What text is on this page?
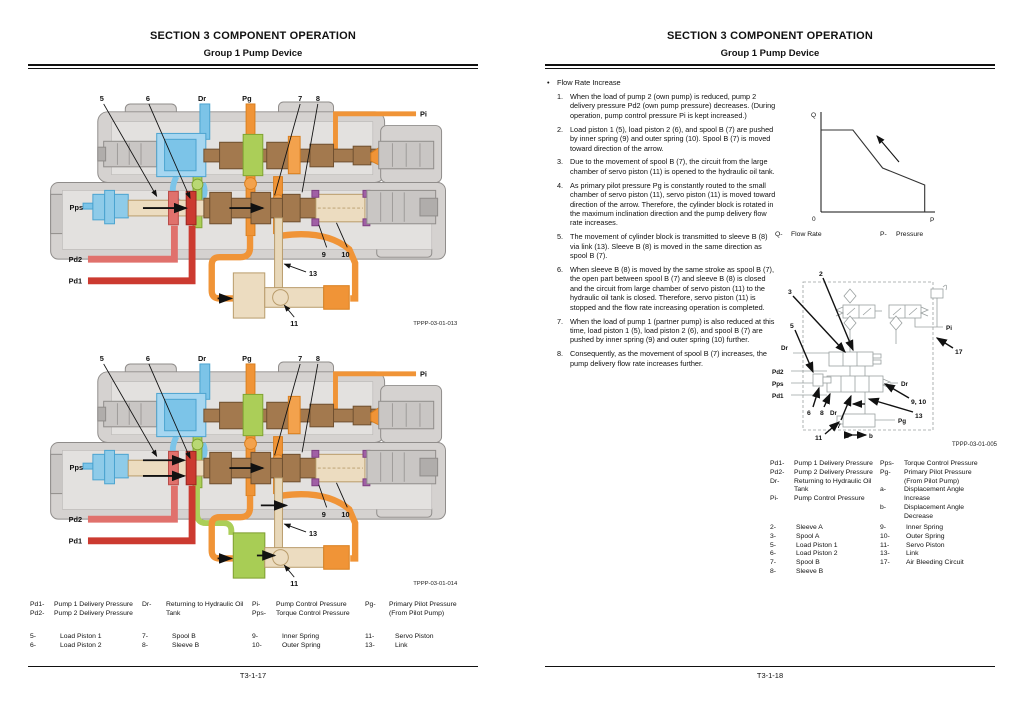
SECTION 3 COMPONENT OPERATION
Group 1 Pump Device
5	6	Dr	Pg	7 8
Pi
Pps
Pd2
Pd1
9 10
13
11	TPPP-03-01-013
5	6	Dr	Pg	7 8
Pi
Pps
Pd2
Pd1
9 10
13
11	TPPP-03-01-014
Pd1-	Pump 1 Delivery Pressure
Pd2-	Pump 2 Delivery Pressure
Dr-	Returning to Hydraulic Oil Tank
Pi-	Pump Control Pressure
Pps-	Torque Control Pressure
Pg-	Primary Pilot Pressure (From Pilot Pump)
5-	Load Piston 1
6-	Load Piston 2
7-	Spool B
8-	Sleeve B
9-	Inner Spring
10-	Outer Spring
11-	Servo Piston
13-	Link
T3-1-17
SECTION 3 COMPONENT OPERATION
Group 1 Pump Device
• Flow Rate Increase
1. When the load of pump 2 (own pump) is reduced, pump 2 delivery pressure Pd2 (own pump pressure) decreases. (During operation, pump control pressure Pi is kept increased.)
2. Load piston 1 (5), load piston 2 (6), and spool B (7) are pushed by inner spring (9) and outer spring (10). Spool B (7) is moved toward direction of the arrow.
3. Due to the movement of spool B (7), the circuit from the large chamber of servo piston (11) is opened to the hydraulic oil tank.
4. As primary pilot pressure Pg is constantly routed to the small chamber of servo piston (11), servo piston (11) is moved toward direction of the arrow. Therefore, the cylinder block is rotated in the maximum inclination direction and the pump delivery flow rate increases.
5. The movement of cylinder block is transmitted to sleeve B (8) via link (13). Sleeve B (8) is moved in the same direction as spool B (7).
6. When sleeve B (8) is moved by the same stroke as spool B (7), the open part between spool B (7) and sleeve B (8) is closed and the circuit from large chamber of servo piston (11) to the hydraulic oil tank is closed. Therefore, servo piston (11) is stopped and the flow rate increasing operation is completed.
7. When the load of pump 1 (partner pump) is also reduced at this time, load piston 1 (5), load piston 2 (6), and spool B (7) are pushed by inner spring (9) and outer spring (10) further.
8. Consequently, as the movement of spool B (7) increases, the pump delivery flow rate increases further.
Q
0	P
Q-	Flow Rate	P-	Pressure
2
3
5
Dr
Pd2
Pps
Pd1
6 8 Dr
7
11	a	b
9, 10
13
Dr
Pg
Pi
17
TPPP-03-01-005
Pd1-	Pump 1 Delivery Pressure
Pd2-	Pump 2 Delivery Pressure
Dr-	Returning to Hydraulic Oil Tank
Pi-	Pump Control Pressure
Pps-	Torque Control Pressure
Pg-	Primary Pilot Pressure (From Pilot Pump)
a-	Displacement Angle Increase
b-	Displacement Angle Decrease
2-	Sleeve A
3-	Spool A
5-	Load Piston 1
6-	Load Piston 2
7-	Spool B
8-	Sleeve B
9-	Inner Spring
10-	Outer Spring
11-	Servo Piston
13-	Link
17-	Air Bleeding Circuit
T3-1-18
